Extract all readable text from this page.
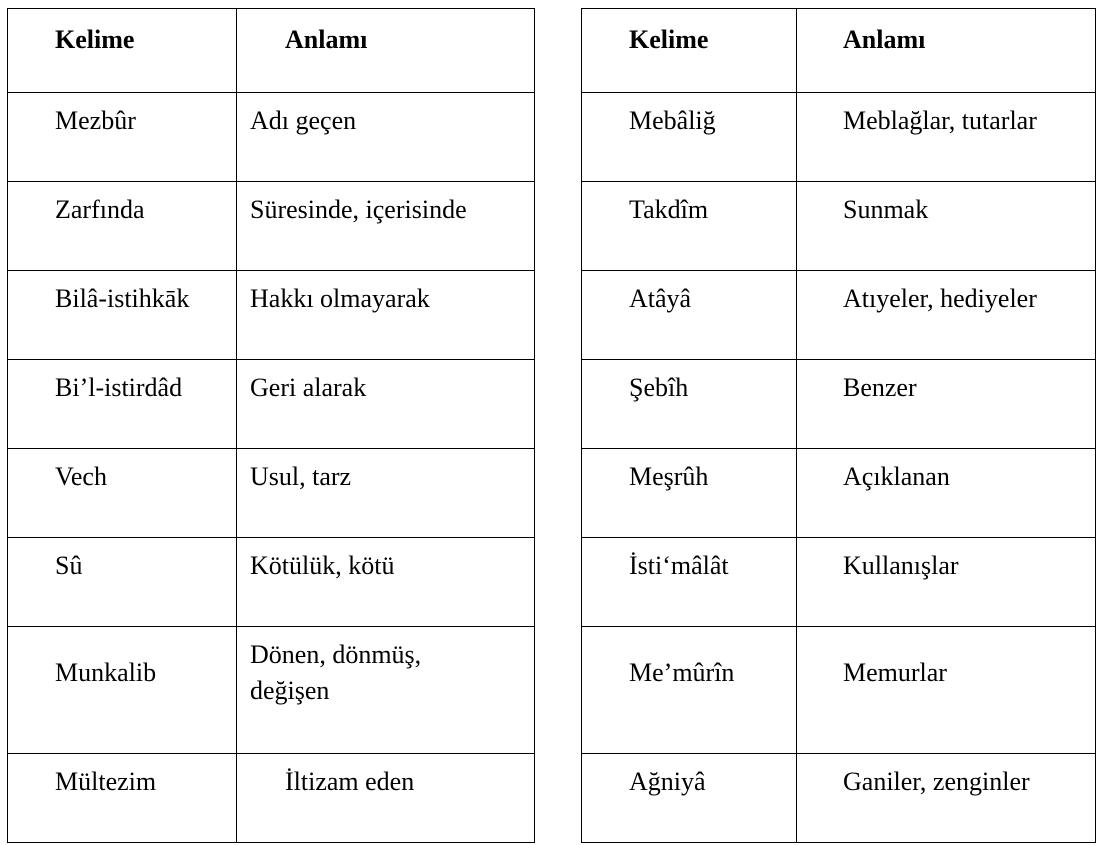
Kelime	Anlamı
Mezbûr	Adı geçen
Zarfında	Süresinde, içerisinde
Bilâ-istihkāk	Hakkı olmayarak
Bi’l-istirdâd	Geri alarak
Vech	Usul, tarz
Sû	Kötülük, kötü
Munkalib	Dönen, dönmüş,
değişen

Mültezim	İltizam eden
Kelime	Anlamı
Mebâliğ	Meblağlar, tutarlar
Takdîm	Sunmak
Atâyâ	Atıyeler, hediyeler
Şebîh	Benzer
Meşrûh	Açıklanan
İsti‘mâlât	Kullanışlar
Me’mûrîn	Memurlar
Ağniyâ	Ganiler, zenginler
